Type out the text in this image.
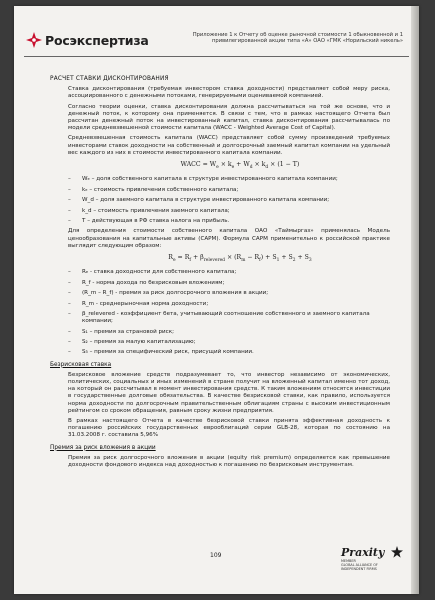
Росэкспертиза	Приложение 1 к Отчету об оценке рыночной стоимости 1 обыкновенной и 1 привилегированной акции типа «А» ОАО «ГМК «Норильский никель»
РАСЧЕТ СТАВКИ ДИСКОНТИРОВАНИЯ

Ставка дисконтирования (требуемая инвестором ставка доходности) представляет собой меру риска, ассоциированного с денежными потоками, генерируемыми оцениваемой компанией.

Согласно теории оценки, ставка дисконтирования должна рассчитываться на той же основе, что и денежный поток, к которому она применяется. В связи с тем, что в рамках настоящего Отчета был рассчитан денежный поток на инвестированный капитал, ставка дисконтирования рассчитывалась по модели средневзвешенной стоимости капитала (WACC - Weighted Average Cost of Capital).

Средневзвешенная стоимость капитала (WACC) представляет собой сумму произведений требуемых инвесторами ставок доходности на собственный и долгосрочный заемный капитал компании на удельный вес каждого из них в стоимости инвестированного капитала компании.

WACC = $W_e \times k_e + W_d \times k_d \times (1 - T)$
– Wₑ – доля собственного капитала в структуре инвестированного капитала компании;
– kₑ – стоимость привлечения собственного капитала;
– W_d – доля заемного капитала в структуре инвестированного капитала компании;
– k_d – стоимость привлечения заемного капитала;
– T – действующая в РФ ставка налога на прибыль.

Для определения стоимости собственного капитала ОАО «Таймыргаз» применялась Модель ценообразования на капитальные активы (CAPM). Формула CAPM применительно к российской практике выглядит следующим образом:

$R_e = R_f + \beta_{relevered} \times (R_m - R_f) + S_1 + S_2 + S_3$
– Rₑ - ставка доходности для собственного капитала;
– R_f - норма дохода по безрисковым вложениям;
– (R_m – R_f) - премия за риск долгосрочного вложения в акции;
– R_m - среднерыночная норма доходности;
– β_relevered - коэффициент бета, учитывающий соотношение собственного и заемного капитала компании;
– S₁ – премия за страновой риск;
– S₂ – премия за малую капитализацию;
– S₃ – премия за специфический риск, присущий компании.
Безрисковая ставка

Безрисковое вложение средств подразумевает то, что инвестор независимо от экономических, политических, социальных и иных изменений в стране получит на вложенный капитал именно тот доход, на который он рассчитывал в момент инвестирования средств. К таким вложениям относятся инвестиции в государственные долговые обязательства. В качестве безрисковой ставки, как правило, используется норма доходности по долгосрочным правительственным облигациям страны с высоким инвестиционным рейтингом со сроком обращения, равным сроку жизни предприятия.

В рамках настоящего Отчета в качестве безрисковой ставки принята эффективная доходность к погашению российских государственных еврооблигаций серии GLB-28, которая по состоянию на 31.03.2008 г. составила 5,96%

Премия за риск вложения в акции

Премия за риск долгосрочного вложения в акции (equity risk premium) определяется как превышение доходности фондового индекса над доходностью к погашению по безрисковым инструментам.

109	Praxity
MEMBER
GLOBAL ALLIANCE OF
INDEPENDENT FIRMS
